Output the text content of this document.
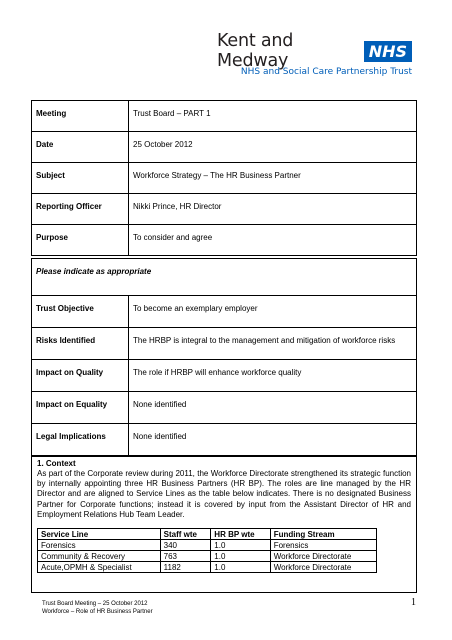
Kent and Medway	NHS
NHS and Social Care Partnership Trust
Meeting	Trust Board – PART 1
Date	25 October 2012
Subject	Workforce Strategy – The HR Business Partner
Reporting Officer	Nikki Prince, HR Director
Purpose	To consider and agree
Please indicate as appropriate	
Trust Objective	To become an exemplary employer
Risks Identified	The HRBP is integral to the management and mitigation of workforce risks
Impact on Quality	The role if HRBP will enhance workforce quality
Impact on Equality	None identified
Legal Implications	None identified
1. Context
As part of the Corporate review during 2011, the Workforce Directorate strengthened its strategic function by internally appointing three HR Business Partners (HR BP). The roles are line managed by the HR Director and are aligned to Service Lines as the table below indicates. There is no designated Business Partner for Corporate functions; instead it is covered by input from the Assistant Director of HR and Employment Relations Hub Team Leader.
Service Line	Staff wte	HR BP wte	Funding Stream
Forensics	340	1.0	Forensics
Community & Recovery	763	1.0	Workforce Directorate
Acute,OPMH & Specialist	1182	1.0	Workforce Directorate
Trust Board Meeting – 25 October 2012
Workforce – Role of HR Business Partner
1
